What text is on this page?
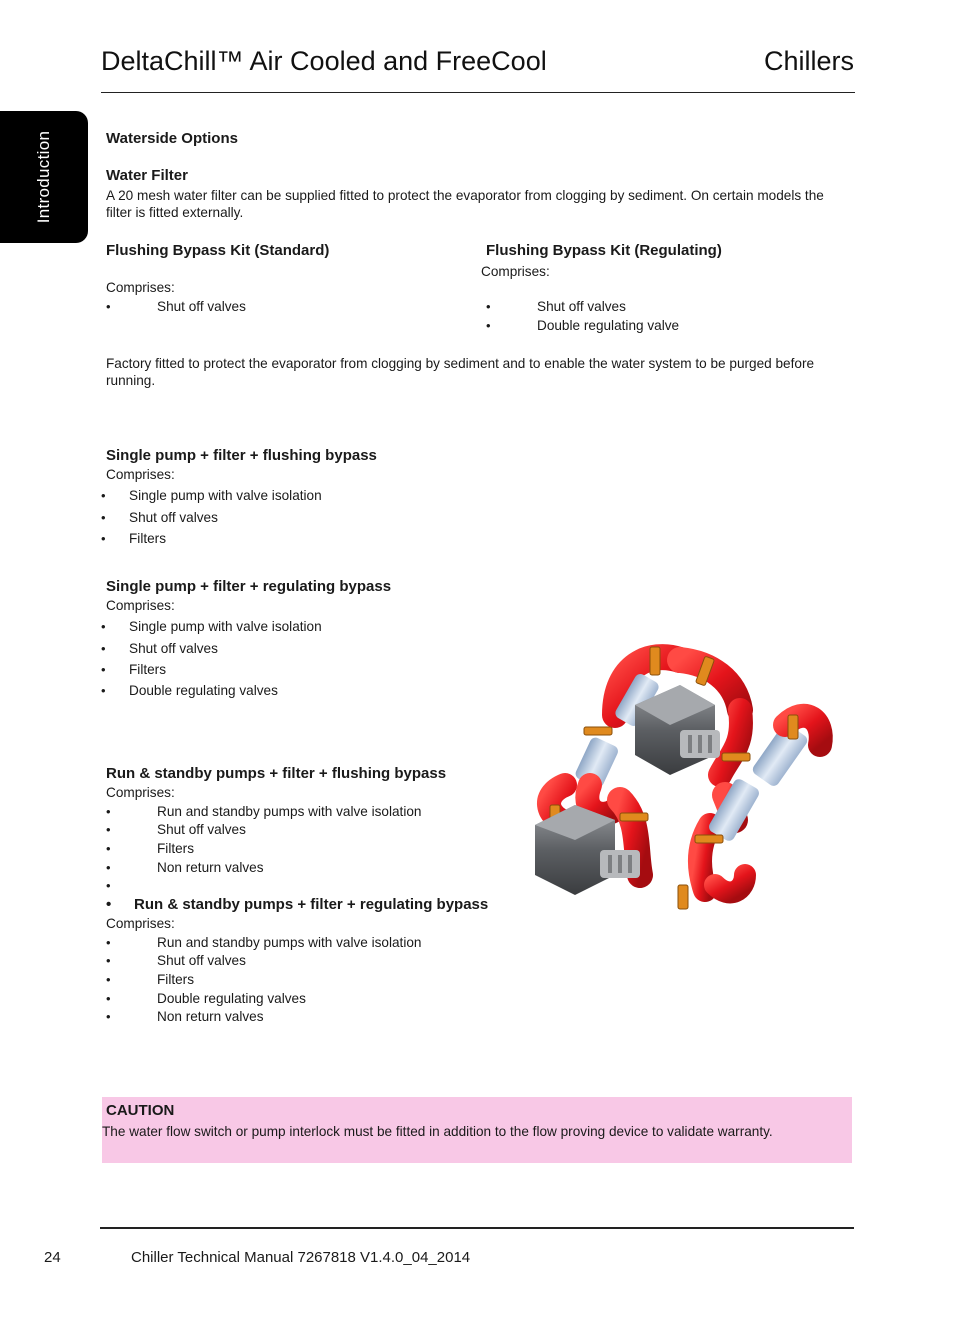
DeltaChill™ Air Cooled and FreeCool	Chillers
Introduction	Waterside Options
Water Filter
A 20 mesh water filter can be supplied fitted to protect the evaporator from clogging by sediment. On certain models the
filter is fitted externally.
Flushing Bypass Kit (Standard)
Comprises:
•	Shut off valves
Flushing Bypass Kit (Regulating)
Comprises:
•	Shut off valves
•	Double regulating valve
Factory fitted to protect the evaporator from clogging by sediment and to enable the water system to be purged before
running.
Single pump + filter + flushing bypass
Comprises:
• Single pump with valve isolation
• Shut off valves
• Filters
Single pump + filter + regulating bypass
Comprises:
• Single pump with valve isolation
• Shut off valves
• Filters
• Double regulating valves
Run & standby pumps + filter + flushing bypass
Comprises:
•	Run and standby pumps with valve isolation
•	Shut off valves
•	Filters
•	Non return valves
•
• Run & standby pumps + filter + regulating bypass
Comprises:
•	Run and standby pumps with valve isolation
•	Shut off valves
•	Filters
•	Double regulating valves
•	Non return valves
CAUTION
The water flow switch or pump interlock must be fitted in addition to the flow proving device to validate warranty.
24	Chiller Technical Manual 7267818 V1.4.0_04_2014
